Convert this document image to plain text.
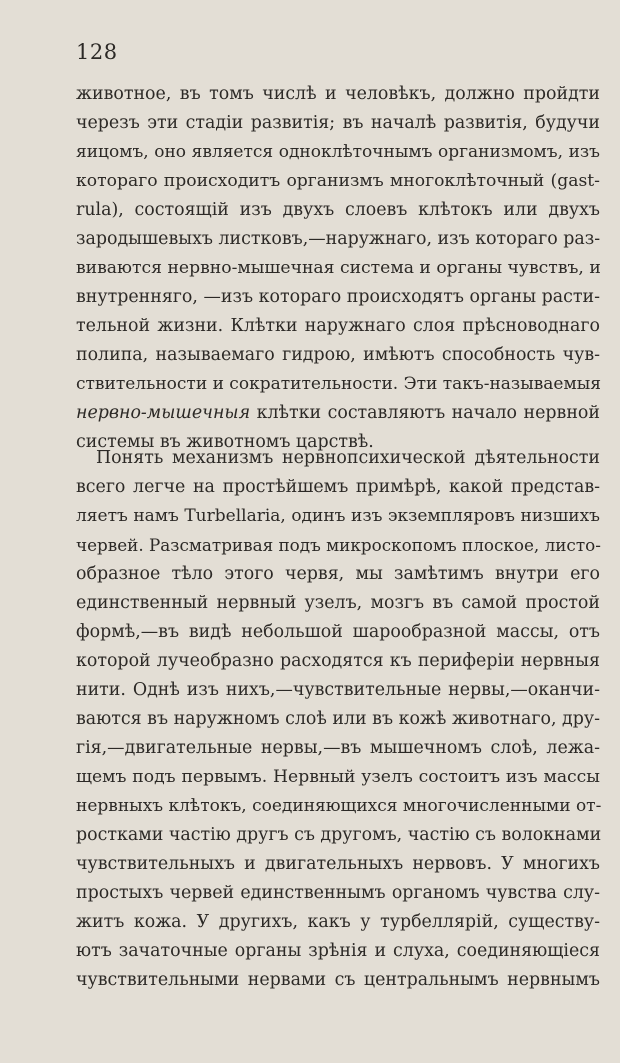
128
животное, въ томъ числѣ и человѣкъ, должно пройдти
черезъ эти стадіи развитія; въ началѣ развитія, будучи
яицомъ, оно является одноклѣточнымъ организмомъ, изъ
котораго происходитъ организмъ многоклѣточный (gast-
rula), состоящій изъ двухъ слоевъ клѣтокъ или двухъ
зародышевыхъ листковъ,—наружнаго, изъ котораго раз-
виваются нервно-мышечная система и органы чувствъ, и
внутренняго, —изъ котораго происходятъ органы расти-
тельной жизни. Клѣтки наружнаго слоя прѣсноводнаго
полипа, называемаго гидрою, имѣютъ способность чув-
ствительности и сократительности. Эти такъ-называемыя
нервно-мышечныя клѣтки составляютъ начало нервной
системы въ животномъ царствѣ.
Понять механизмъ нервнопсихической дѣятельности
всего легче на простѣйшемъ примѣрѣ, какой представ-
ляетъ намъ Turbellaria, одинъ изъ экземпляровъ низшихъ
червей. Разсматривая подъ микроскопомъ плоское, листо-
образное тѣло этого червя, мы замѣтимъ внутри его
единственный нервный узелъ, мозгъ въ самой простой
формѣ,—въ видѣ небольшой шарообразной массы, отъ
которой лучеобразно расходятся къ периферіи нервныя
нити. Однѣ изъ нихъ,—чувствительные нервы,—оканчи-
ваются въ наружномъ слоѣ или въ кожѣ животнаго, дру-
гія,—двигательные нервы,—въ мышечномъ слоѣ, лежа-
щемъ подъ первымъ. Нервный узелъ состоитъ изъ массы
нервныхъ клѣтокъ, соединяющихся многочисленными от-
ростками частію другъ съ другомъ, частію съ волокнами
чувствительныхъ и двигательныхъ нервовъ. У многихъ
простыхъ червей единственнымъ органомъ чувства слу-
житъ кожа. У другихъ, какъ у турбеллярій, существу-
ютъ зачаточные органы зрѣнія и слуха, соединяющіеся
чувствительными нервами съ центральнымъ нервнымъ
